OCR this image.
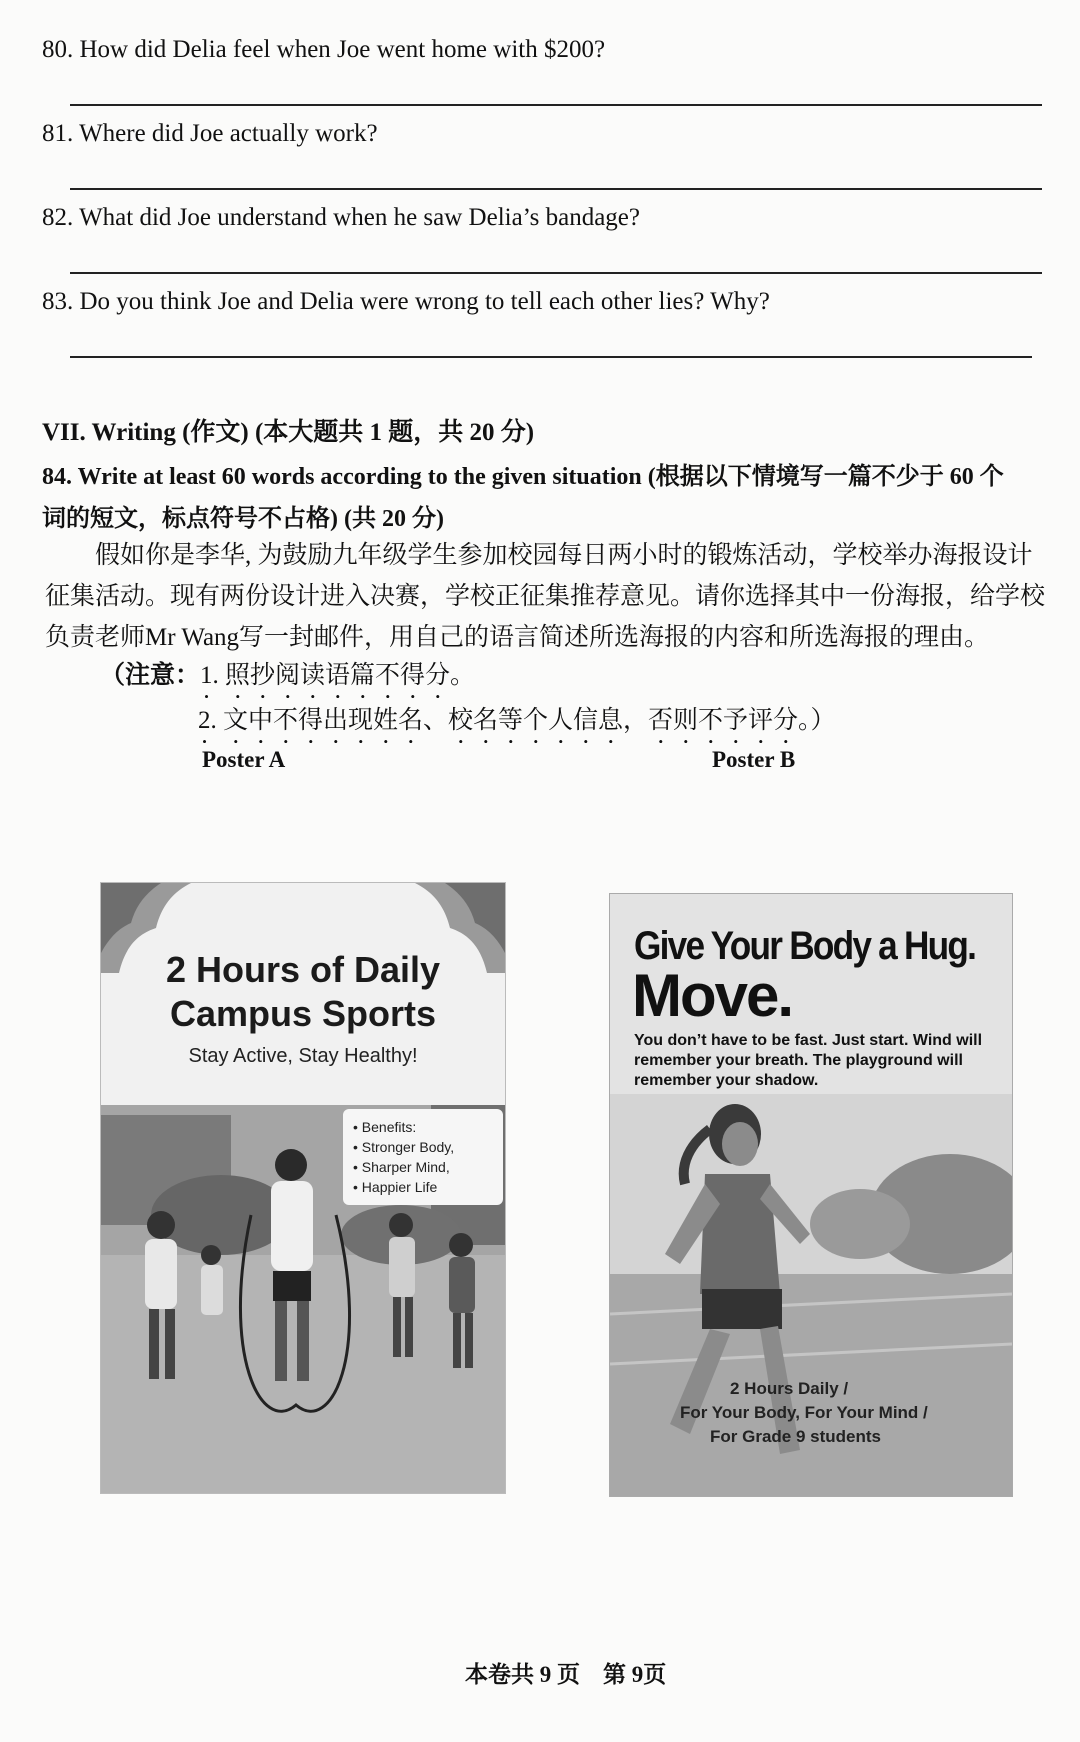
80. How did Delia feel when Joe went home with $200?
81. Where did Joe actually work?
82. What did Joe understand when he saw Delia’s bandage?
83. Do you think Joe and Delia were wrong to tell each other lies? Why?
VII. Writing (作文) (本大题共 1 题，共 20 分)
84. Write at least 60 words according to the given situation (根据以下情境写一篇不少于 60 个
词的短文，标点符号不占格) (共 20 分)

假如你是李华, 为鼓励九年级学生参加校园每日两小时的锻炼活动，学校举办海报设计征集活动。现有两份设计进入决赛，学校正征集推荐意见。请你选择其中一份海报，给学校负责老师Mr Wang写一封邮件，用自己的语言简述所选海报的内容和所选海报的理由。

（注意：1. 照抄阅读语篇不得分。
2. 文中不得出现姓名、校名等个人信息，否则不予评分。）
Poster A	Poster B
2 Hours of Daily
Campus Sports
Stay Active, Stay Healthy!
• Benefits:
• Stronger Body,
• Sharper Mind,
• Happier Life
Give Your Body a Hug.
Move.
You don’t have to be fast. Just start. Wind will remember your breath. The playground will remember your shadow.
2 Hours Daily /
For Your Body, For Your Mind /
For Grade 9 students
本卷共 9 页　第 9页
